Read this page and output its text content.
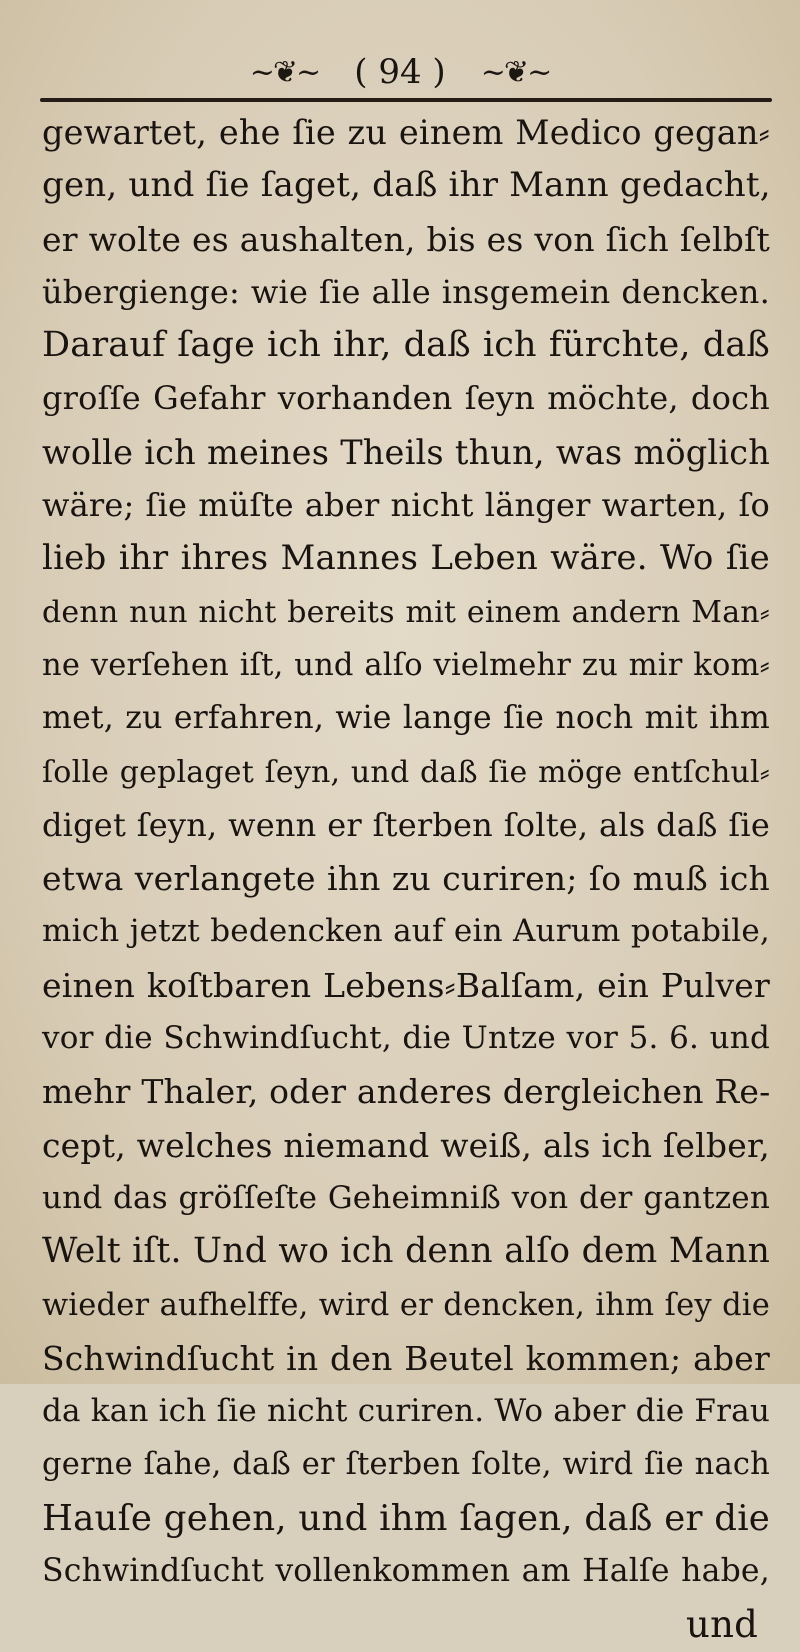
~❦~ ( 94 ) ~❦~
gewartet, ehe ſie zu einem Medico gegan⸗
gen, und ſie ſaget, daß ihr Mann gedacht,
er wolte es aushalten, bis es von ſich ſelbſt
übergienge: wie ſie alle insgemein dencken.
Darauf ſage ich ihr, daß ich fürchte, daß
groſſe Gefahr vorhanden ſeyn möchte, doch
wolle ich meines Theils thun, was möglich
wäre; ſie müſte aber nicht länger warten, ſo
lieb ihr ihres Mannes Leben wäre. Wo ſie
denn nun nicht bereits mit einem andern Man⸗
ne verſehen iſt, und alſo vielmehr zu mir kom⸗
met, zu erfahren, wie lange ſie noch mit ihm
ſolle geplaget ſeyn, und daß ſie möge entſchul⸗
diget ſeyn, wenn er ſterben ſolte, als daß ſie
etwa verlangete ihn zu curiren; ſo muß ich
mich jetzt bedencken auf ein Aurum potabile,
einen koſtbaren Lebens⸗Balſam, ein Pulver
vor die Schwindſucht, die Untze vor 5. 6. und
mehr Thaler, oder anderes dergleichen Re-
cept, welches niemand weiß, als ich ſelber,
und das gröſſeſte Geheimniß von der gantzen
Welt iſt. Und wo ich denn alſo dem Mann
wieder aufhelffe, wird er dencken, ihm ſey die
Schwindſucht in den Beutel kommen; aber
da kan ich ſie nicht curiren. Wo aber die Frau
gerne ſahe, daß er ſterben ſolte, wird ſie nach
Hauſe gehen, und ihm ſagen, daß er die
Schwindſucht vollenkommen am Halſe habe,
und
